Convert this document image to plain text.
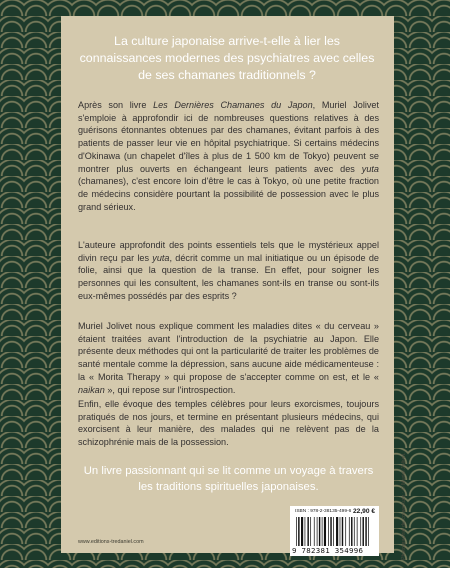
La culture japonaise arrive-t-elle à lier les connaissances modernes des psychiatres avec celles de ses chamanes traditionnels ?

Après son livre Les Dernières Chamanes du Japon, Muriel Jolivet s'emploie à approfondir ici de nombreuses questions relatives à des guérisons étonnantes obtenues par des chamanes, évitant parfois à des patients de passer leur vie en hôpital psychiatrique. Si certains médecins d'Okinawa (un chapelet d'îles à plus de 1 500 km de Tokyo) peuvent se montrer plus ouverts en échangeant leurs patients avec des yuta (chamanes), c'est encore loin d'être le cas à Tokyo, où une petite fraction de médecins considère pourtant la possibilité de possession avec le plus grand sérieux.

L'auteure approfondit des points essentiels tels que le mystérieux appel divin reçu par les yuta, décrit comme un mal initiatique ou un épisode de folie, ainsi que la question de la transe. En effet, pour soigner les personnes qui les consultent, les chamanes sont-ils en transe ou sont-ils eux-mêmes possédés par des esprits ?

Muriel Jolivet nous explique comment les maladies dites « du cerveau » étaient traitées avant l'introduction de la psychiatrie au Japon. Elle présente deux méthodes qui ont la particularité de traiter les problèmes de santé mentale comme la dépression, sans aucune aide médicamenteuse : la « Morita Therapy » qui propose de s'accepter comme on est, et le « naikan », qui repose sur l'introspection.

Enfin, elle évoque des temples célèbres pour leurs exorcismes, toujours pratiqués de nos jours, et termine en présentant plusieurs médecins, qui exorcisent à leur manière, des malades qui ne relèvent pas de la schizophrénie mais de la possession.

Un livre passionnant qui se lit comme un voyage à travers les traditions spirituelles japonaises.	Photographie de couverture : © Muriel Jolivet.
ISBN : 978-2-38135-499-6 22,90 €
9 782381 354996
www.editions-tredaniel.com
